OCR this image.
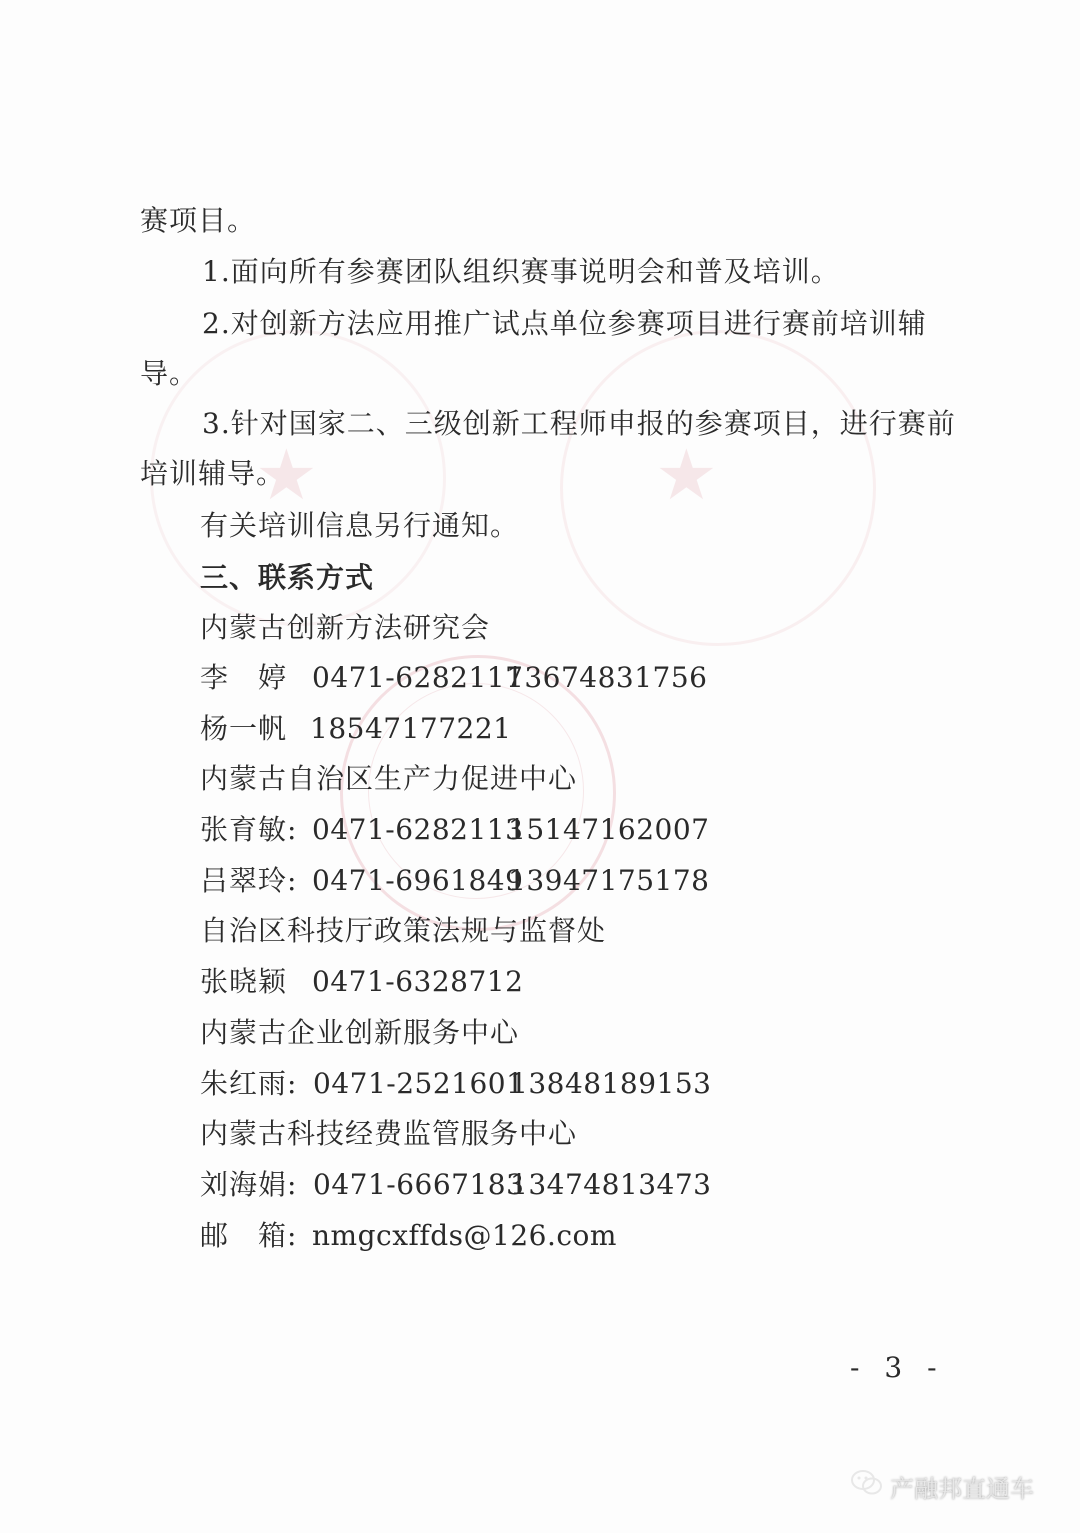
★
★
赛项目。
1.面向所有参赛团队组织赛事说明会和普及培训。
2.对创新方法应用推广试点单位参赛项目进行赛前培训辅
导。
3.针对国家二、三级创新工程师申报的参赛项目，进行赛前
培训辅导。
有关培训信息另行通知。
三、联系方式
内蒙古创新方法研究会
李　婷 0471-6282117
13674831756
杨一帆 18547177221
内蒙古自治区生产力促进中心
张育敏: 0471-6282113
15147162007
吕翠玲: 0471-6961849
13947175178
自治区科技厅政策法规与监督处
张晓颖 0471-6328712
内蒙古企业创新服务中心
朱红雨: 0471-2521601
13848189153
内蒙古科技经费监管服务中心
刘海娟: 0471-6667183
13474813473
邮　箱: nmgcxffds@126.com
- 3 -
产融邦直通车
